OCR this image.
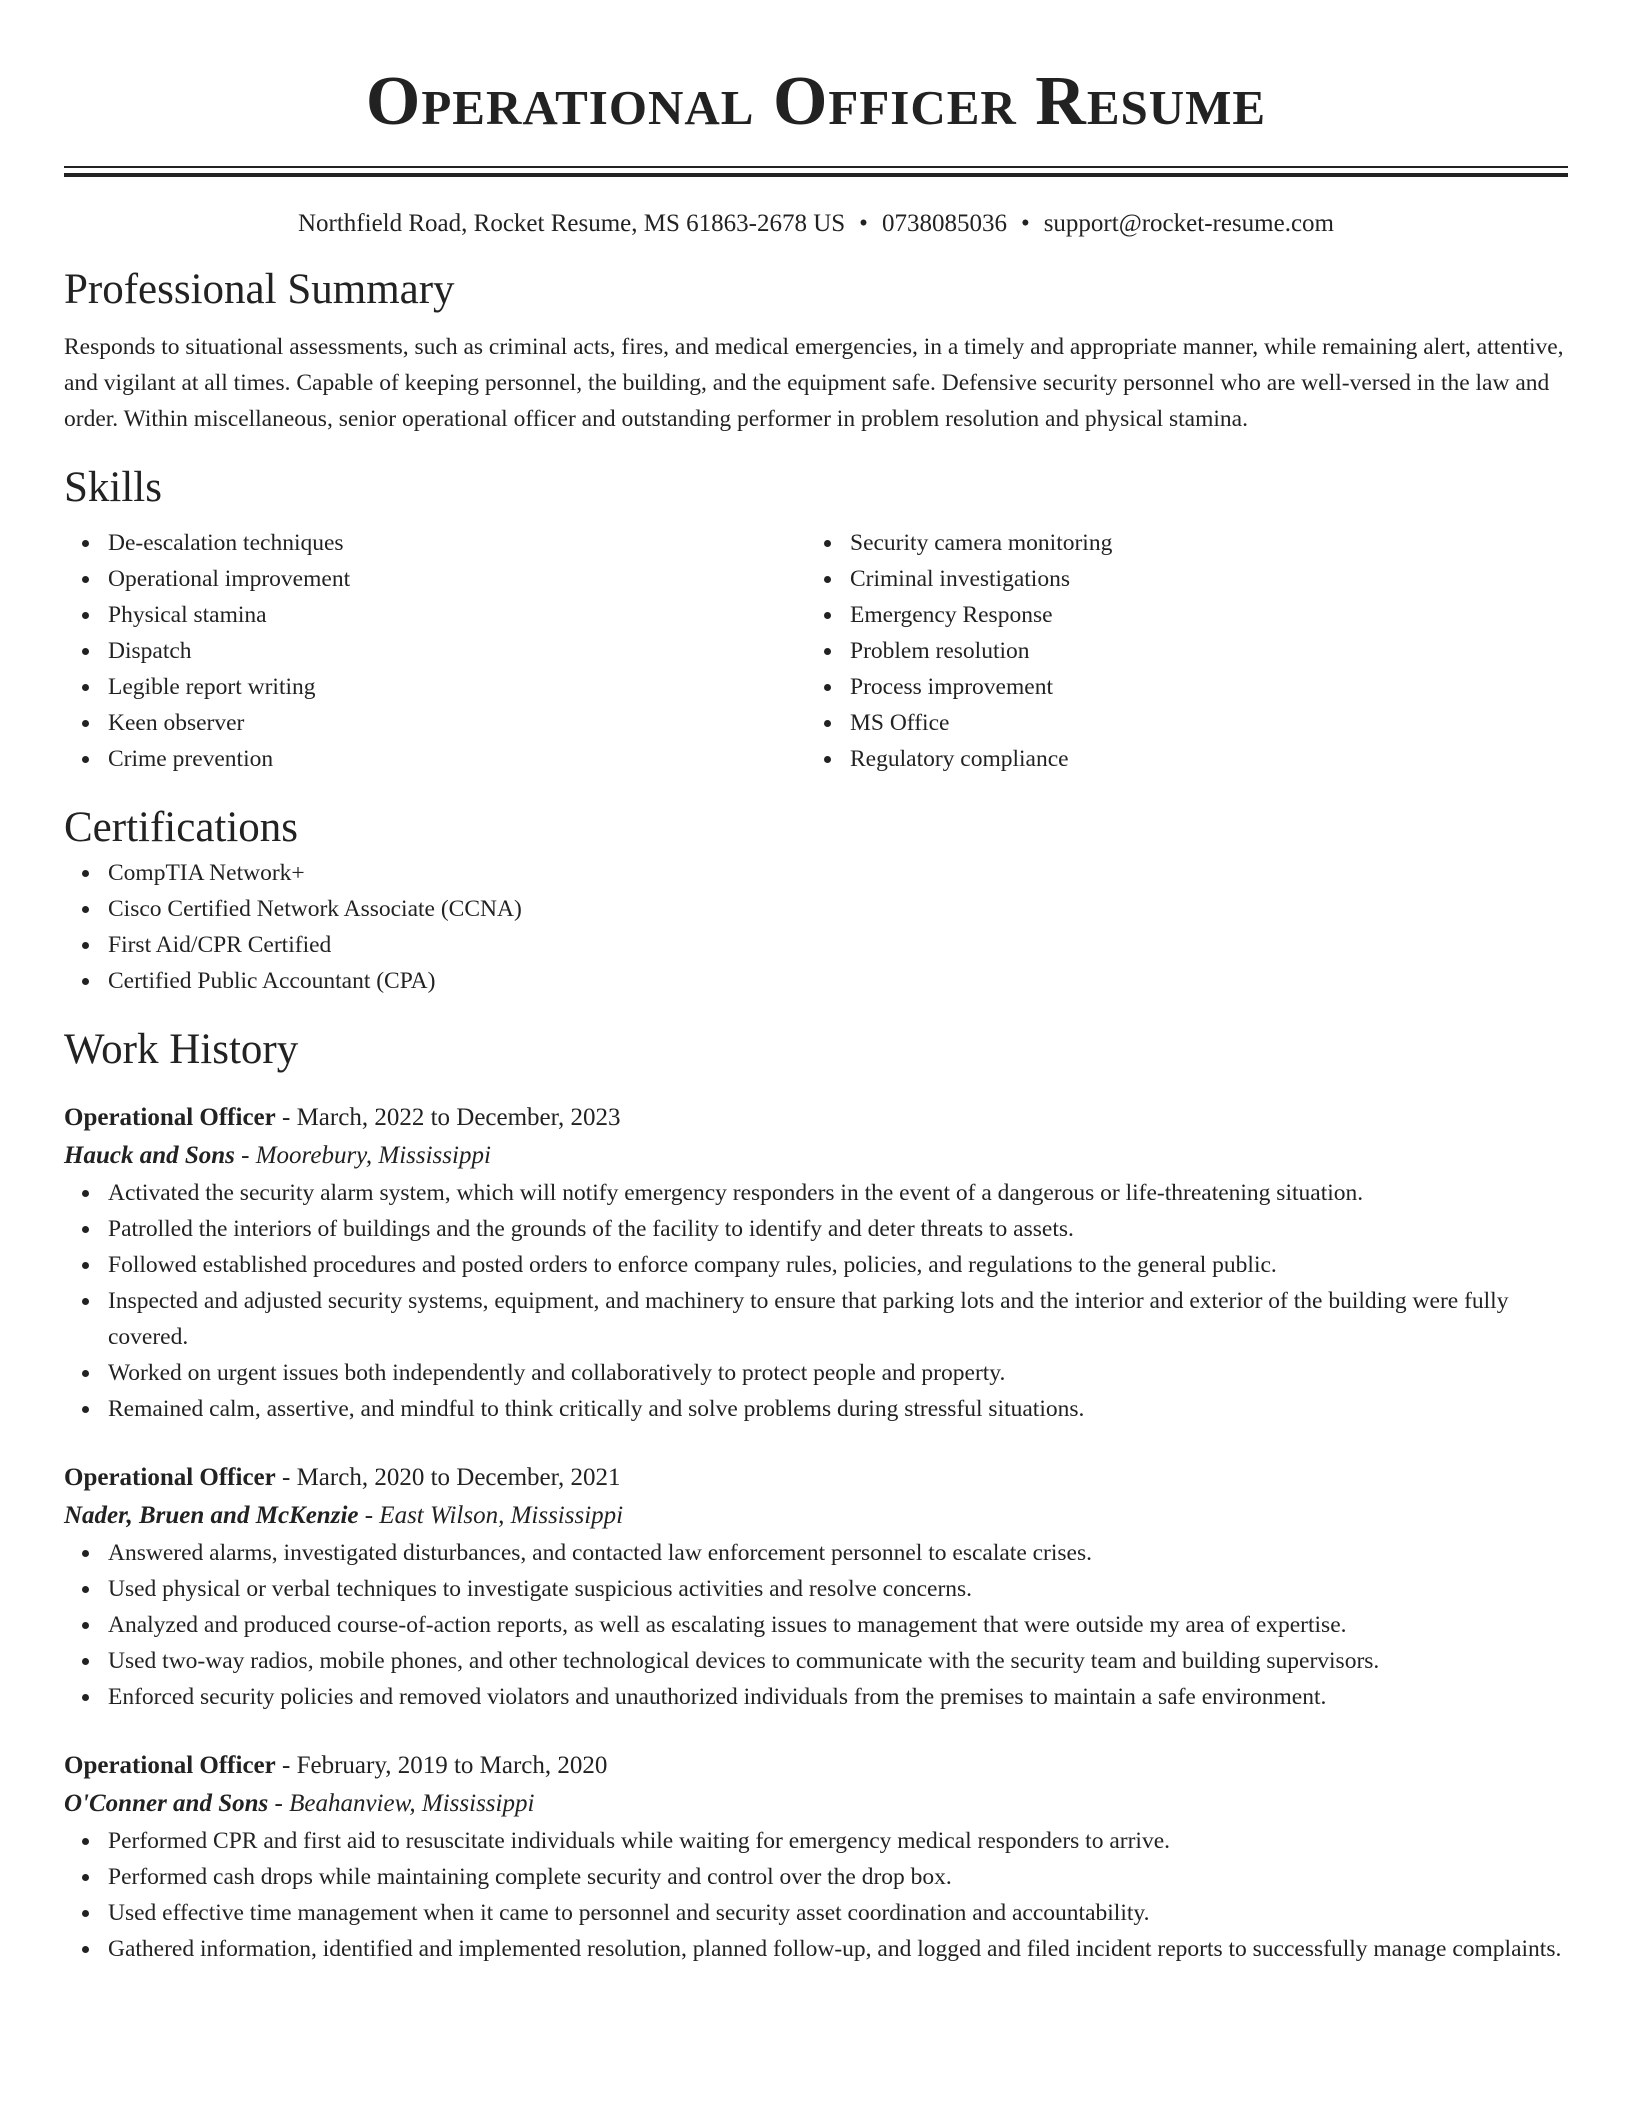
Operational Officer Resume
Northfield Road, Rocket Resume, MS 61863-2678 US • 0738085036 • support@rocket-resume.com
Professional Summary

Responds to situational assessments, such as criminal acts, fires, and medical emergencies, in a timely and appropriate manner, while remaining alert, attentive, and vigilant at all times. Capable of keeping personnel, the building, and the equipment safe. Defensive security personnel who are well-versed in the law and order. Within miscellaneous, senior operational officer and outstanding performer in problem resolution and physical stamina.

Skills
De-escalation techniques
Operational improvement
Physical stamina
Dispatch
Legible report writing
Keen observer
Crime prevention
Security camera monitoring
Criminal investigations
Emergency Response
Problem resolution
Process improvement
MS Office
Regulatory compliance
Certifications
CompTIA Network+
Cisco Certified Network Associate (CCNA)
First Aid/CPR Certified
Certified Public Accountant (CPA)
Work History
Operational Officer - March, 2022 to December, 2023
Hauck and Sons - Moorebury, Mississippi
Activated the security alarm system, which will notify emergency responders in the event of a dangerous or life-threatening situation.
Patrolled the interiors of buildings and the grounds of the facility to identify and deter threats to assets.
Followed established procedures and posted orders to enforce company rules, policies, and regulations to the general public.
Inspected and adjusted security systems, equipment, and machinery to ensure that parking lots and the interior and exterior of the building were fully covered.
Worked on urgent issues both independently and collaboratively to protect people and property.
Remained calm, assertive, and mindful to think critically and solve problems during stressful situations.
Operational Officer - March, 2020 to December, 2021
Nader, Bruen and McKenzie - East Wilson, Mississippi
Answered alarms, investigated disturbances, and contacted law enforcement personnel to escalate crises.
Used physical or verbal techniques to investigate suspicious activities and resolve concerns.
Analyzed and produced course-of-action reports, as well as escalating issues to management that were outside my area of expertise.
Used two-way radios, mobile phones, and other technological devices to communicate with the security team and building supervisors.
Enforced security policies and removed violators and unauthorized individuals from the premises to maintain a safe environment.
Operational Officer - February, 2019 to March, 2020
O'Conner and Sons - Beahanview, Mississippi
Performed CPR and first aid to resuscitate individuals while waiting for emergency medical responders to arrive.
Performed cash drops while maintaining complete security and control over the drop box.
Used effective time management when it came to personnel and security asset coordination and accountability.
Gathered information, identified and implemented resolution, planned follow-up, and logged and filed incident reports to successfully manage complaints.
